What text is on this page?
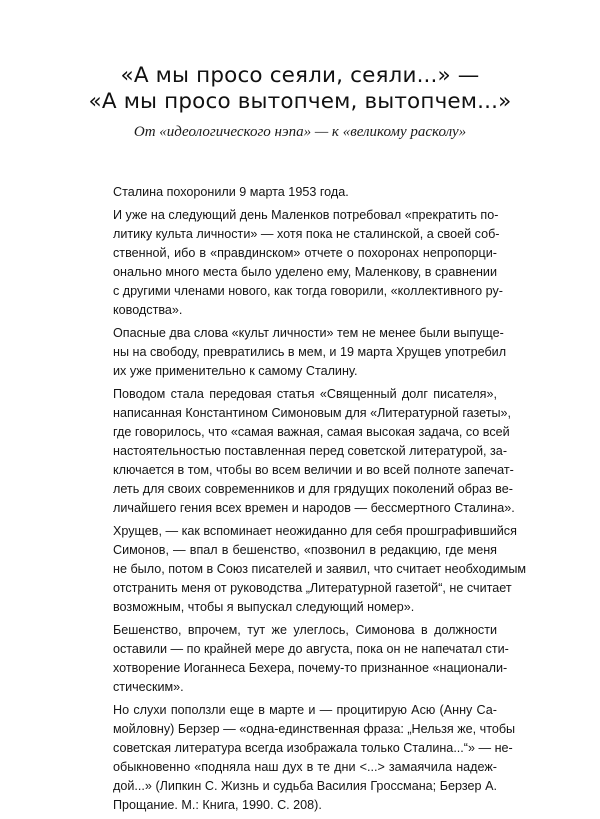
«А мы просо сеяли, сеяли...» —
«А мы просо вытопчем, вытопчем...»
От «идеологического нэпа» — к «великому расколу»
Сталина похоронили 9 марта 1953 года.
И уже на следующий день Маленков потребовал «прекратить по-
литику культа личности» — хотя пока не сталинской, а своей соб-
ственной, ибо в «правдинском» отчете о похоронах непропорци-
онально много места было уделено ему, Маленкову, в сравнении
с другими членами нового, как тогда говорили, «коллективного ру-
ководства».
Опасные два слова «культ личности» тем не менее были выпуще-
ны на свободу, превратились в мем, и 19 марта Хрущев употребил
их уже применительно к самому Сталину.
Поводом стала передовая статья «Священный долг писателя»,
написанная Константином Симоновым для «Литературной газеты»,
где говорилось, что «самая важная, самая высокая задача, со всей
настоятельностью поставленная перед советской литературой, за-
ключается в том, чтобы во всем величии и во всей полноте запечат-
леть для своих современников и для грядущих поколений образ ве-
личайшего гения всех времен и народов — бессмертного Сталина».
Хрущев, — как вспоминает неожиданно для себя прошграфившийся
Симонов, — впал в бешенство, «позвонил в редакцию, где меня
не было, потом в Союз писателей и заявил, что считает необходимым
отстранить меня от руководства „Литературной газетой“, не считает
возможным, чтобы я выпускал следующий номер».
Бешенство, впрочем, тут же улеглось, Симонова в должности
оставили — по крайней мере до августа, пока он не напечатал сти-
хотворение Иоганнеса Бехера, почему-то признанное «национали-
стическим».
Но слухи поползли еще в марте и — процитирую Асю (Анну Са-
мойловну) Берзер — «одна-единственная фраза: „Нельзя же, чтобы
советская литература всегда изображала только Сталина...“» — не-
обыкновенно «подняла наш дух в те дни <...> замаячила надеж-
дой...» (Липкин С. Жизнь и судьба Василия Гроссмана; Берзер А.
Прощание. М.: Книга, 1990. С. 208).
